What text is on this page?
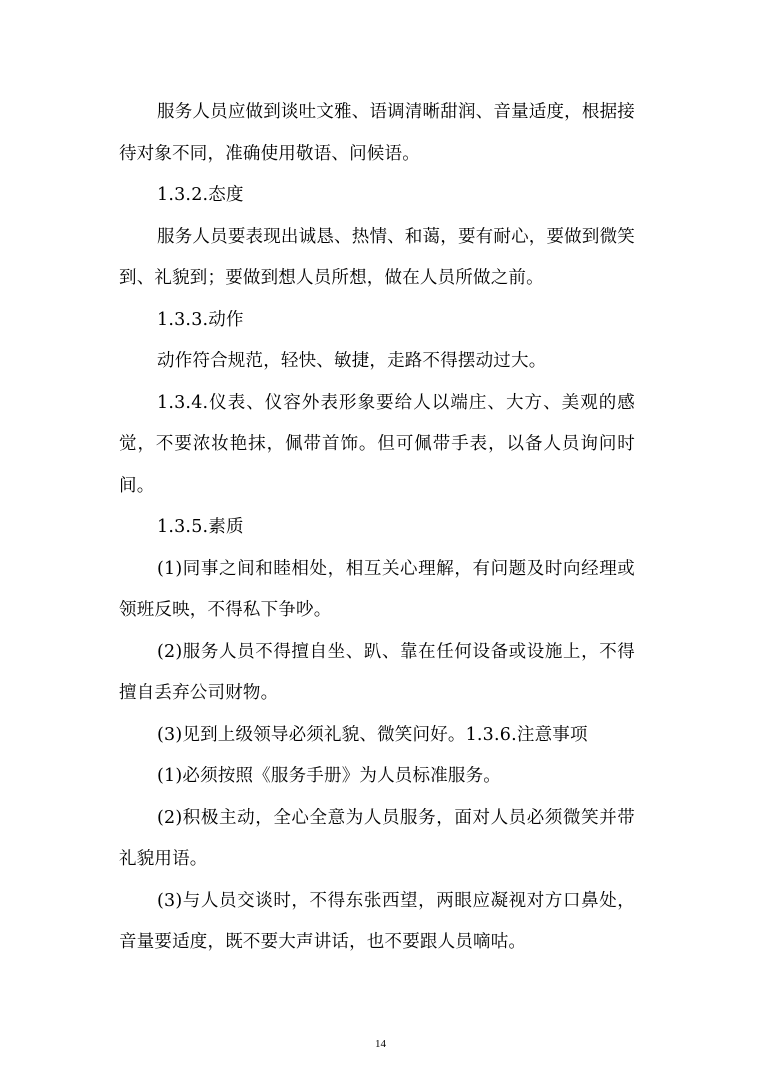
服务人员应做到谈吐文雅、语调清晰甜润、音量适度，根据接待对象不同，准确使用敬语、问候语。

1.3.2.态度

服务人员要表现出诚恳、热情、和蔼，要有耐心，要做到微笑到、礼貌到；要做到想人员所想，做在人员所做之前。

1.3.3.动作

动作符合规范，轻快、敏捷，走路不得摆动过大。

1.3.4.仪表、仪容外表形象要给人以端庄、大方、美观的感觉，不要浓妆艳抹，佩带首饰。但可佩带手表，以备人员询问时间。

1.3.5.素质

(1)同事之间和睦相处，相互关心理解，有问题及时向经理或领班反映，不得私下争吵。

(2)服务人员不得擅自坐、趴、靠在任何设备或设施上，不得擅自丢弃公司财物。

(3)见到上级领导必须礼貌、微笑问好。1.3.6.注意事项

(1)必须按照《服务手册》为人员标准服务。

(2)积极主动，全心全意为人员服务，面对人员必须微笑并带礼貌用语。

(3)与人员交谈时，不得东张西望，两眼应凝视对方口鼻处，音量要适度，既不要大声讲话，也不要跟人员嘀咕。

14
